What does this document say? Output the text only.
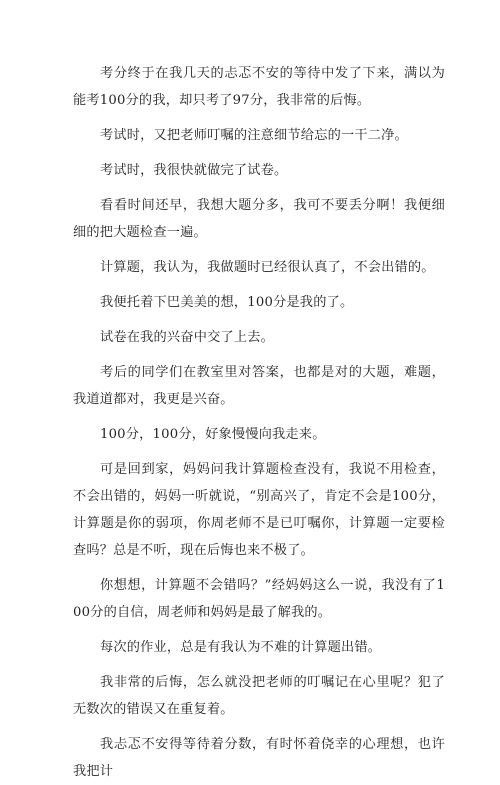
考分终于在我几天的忐忑不安的等待中发了下来，满以为能考100分的我，却只考了97分，我非常的后悔。

考试时，又把老师叮嘱的注意细节给忘的一干二净。

考试时，我很快就做完了试卷。

看看时间还早，我想大题分多，我可不要丢分啊！我便细细的把大题检查一遍。

计算题，我认为，我做题时已经很认真了，不会出错的。

我便托着下巴美美的想，100分是我的了。

试卷在我的兴奋中交了上去。

考后的同学们在教室里对答案，也都是对的大题，难题，我道道都对，我更是兴奋。

100分，100分，好象慢慢向我走来。

可是回到家，妈妈问我计算题检查没有，我说不用检查，不会出错的，妈妈一听就说，“别高兴了，肯定不会是100分，计算题是你的弱项，你周老师不是已叮嘱你，计算题一定要检查吗？总是不听，现在后悔也来不极了。

你想想，计算题不会错吗？”经妈妈这么一说，我没有了100分的自信，周老师和妈妈是最了解我的。

每次的作业，总是有我认为不难的计算题出错。

我非常的后悔，怎么就没把老师的叮嘱记在心里呢？犯了无数次的错误又在重复着。

我忐忑不安得等待着分数，有时怀着侥幸的心理想，也许我把计
